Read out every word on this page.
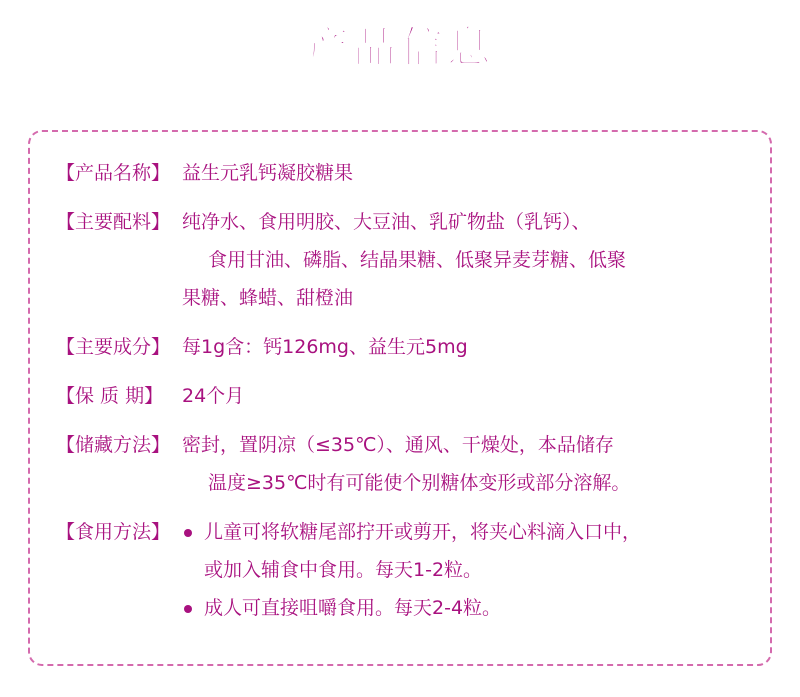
产品信息
【产品名称】 益生元乳钙凝胶糖果
【主要配料】 纯净水、食用明胶、大豆油、乳矿物盐（乳钙）、
食用甘油、磷脂、结晶果糖、低聚异麦芽糖、低聚
果糖、蜂蜡、甜橙油
【主要成分】 每1g含：钙126mg、益生元5mg
【保 质 期】 24个月
【储藏方法】 密封，置阴凉（≤35℃）、通风、干燥处，本品储存
温度≥35℃时有可能使个别糖体变形或部分溶解。
【食用方法】	儿童可将软糖尾部拧开或剪开，将夹心料滴入口中，
或加入辅食中食用。每天1-2粒。
成人可直接咀嚼食用。每天2-4粒。
